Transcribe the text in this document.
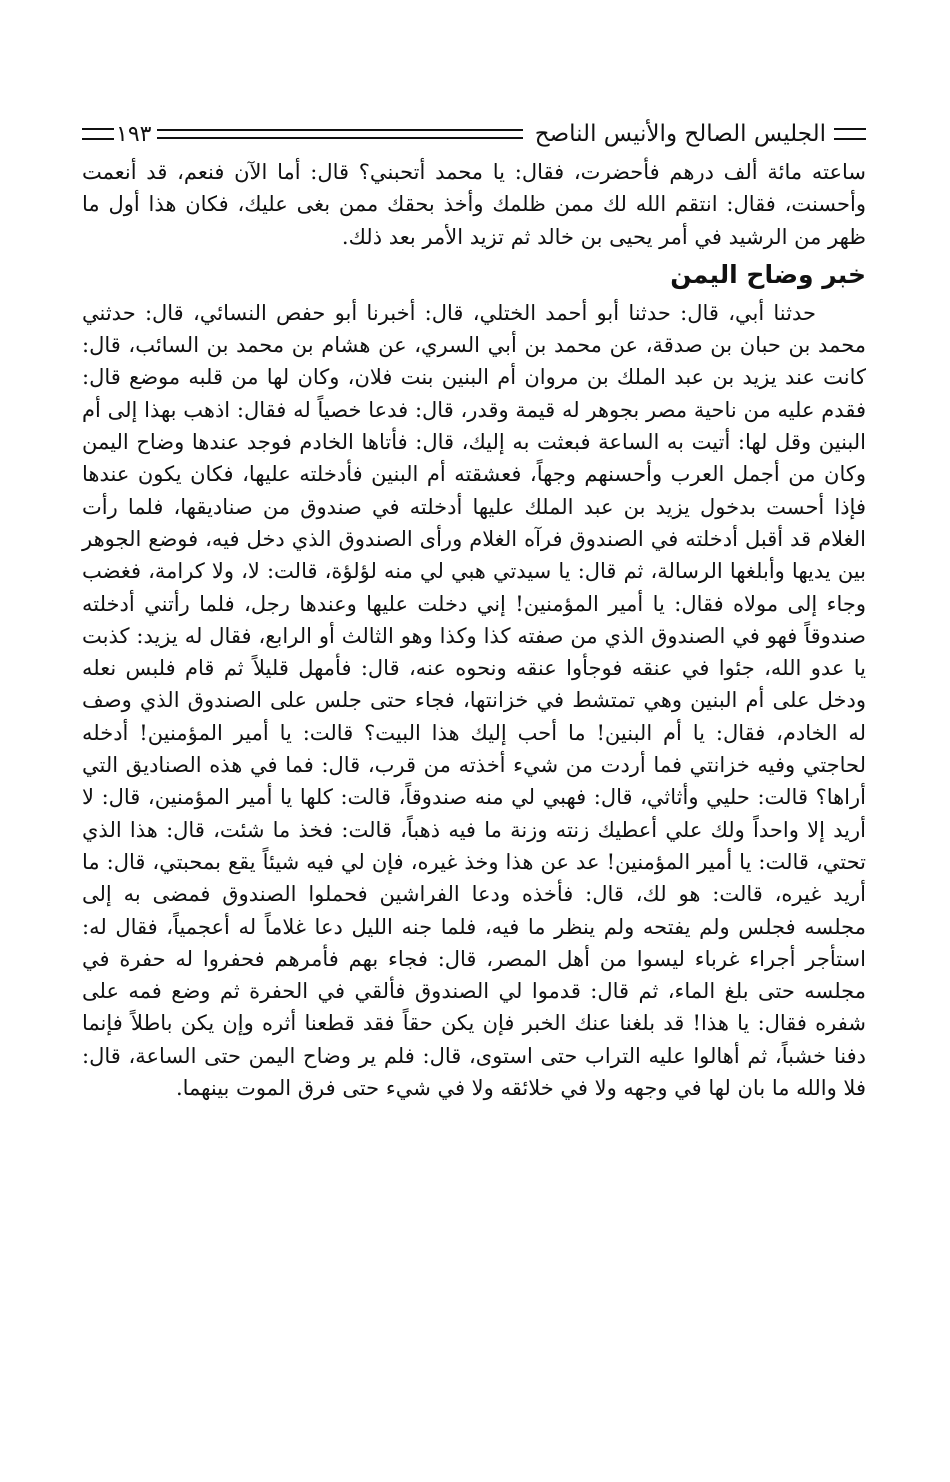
الجليس الصالح والأنيس الناصح
١٩٣

ساعته مائة ألف درهم فأحضرت، فقال: يا محمد أتحبني؟ قال: أما الآن فنعم، قد أنعمت وأحسنت، فقال: انتقم الله لك ممن ظلمك وأخذ بحقك ممن بغى عليك، فكان هذا أول ما ظهر من الرشيد في أمر يحيى بن خالد ثم تزيد الأمر بعد ذلك.

خبر وضاح اليمن

حدثنا أبي، قال: حدثنا أبو أحمد الختلي، قال: أخبرنا أبو حفص النسائي، قال: حدثني محمد بن حبان بن صدقة، عن محمد بن أبي السري، عن هشام بن محمد بن السائب، قال: كانت عند يزيد بن عبد الملك بن مروان أم البنين بنت فلان، وكان لها من قلبه موضع قال: فقدم عليه من ناحية مصر بجوهر له قيمة وقدر، قال: فدعا خصياً له فقال: اذهب بهذا إلى أم البنين وقل لها: أتيت به الساعة فبعثت به إليك، قال: فأتاها الخادم فوجد عندها وضاح اليمن وكان من أجمل العرب وأحسنهم وجهاً، فعشقته أم البنين فأدخلته عليها، فكان يكون عندها فإذا أحست بدخول يزيد بن عبد الملك عليها أدخلته في صندوق من صناديقها، فلما رأت الغلام قد أقبل أدخلته في الصندوق فرآه الغلام ورأى الصندوق الذي دخل فيه، فوضع الجوهر بين يديها وأبلغها الرسالة، ثم قال: يا سيدتي هبي لي منه لؤلؤة، قالت: لا، ولا كرامة، فغضب وجاء إلى مولاه فقال: يا أمير المؤمنين! إني دخلت عليها وعندها رجل، فلما رأتني أدخلته صندوقاً فهو في الصندوق الذي من صفته كذا وكذا وهو الثالث أو الرابع، فقال له يزيد: كذبت يا عدو الله، جئوا في عنقه فوجأوا عنقه ونحوه عنه، قال: فأمهل قليلاً ثم قام فلبس نعله ودخل على أم البنين وهي تمتشط في خزانتها، فجاء حتى جلس على الصندوق الذي وصف له الخادم، فقال: يا أم البنين! ما أحب إليك هذا البيت؟ قالت: يا أمير المؤمنين! أدخله لحاجتي وفيه خزانتي فما أردت من شيء أخذته من قرب، قال: فما في هذه الصناديق التي أراها؟ قالت: حليي وأثاثي، قال: فهبي لي منه صندوقاً، قالت: كلها يا أمير المؤمنين، قال: لا أريد إلا واحداً ولك علي أعطيك زنته وزنة ما فيه ذهباً، قالت: فخذ ما شئت، قال: هذا الذي تحتي، قالت: يا أمير المؤمنين! عد عن هذا وخذ غيره، فإن لي فيه شيئاً يقع بمحبتي، قال: ما أريد غيره، قالت: هو لك، قال: فأخذه ودعا الفراشين فحملوا الصندوق فمضى به إلى مجلسه فجلس ولم يفتحه ولم ينظر ما فيه، فلما جنه الليل دعا غلاماً له أعجمياً، فقال له: استأجر أجراء غرباء ليسوا من أهل المصر، قال: فجاء بهم فأمرهم فحفروا له حفرة في مجلسه حتى بلغ الماء، ثم قال: قدموا لي الصندوق فألقي في الحفرة ثم وضع فمه على شفره فقال: يا هذا! قد بلغنا عنك الخبر فإن يكن حقاً فقد قطعنا أثره وإن يكن باطلاً فإنما دفنا خشباً، ثم أهالوا عليه التراب حتى استوى، قال: فلم ير وضاح اليمن حتى الساعة، قال: فلا والله ما بان لها في وجهه ولا في خلائقه ولا في شيء حتى فرق الموت بينهما.
